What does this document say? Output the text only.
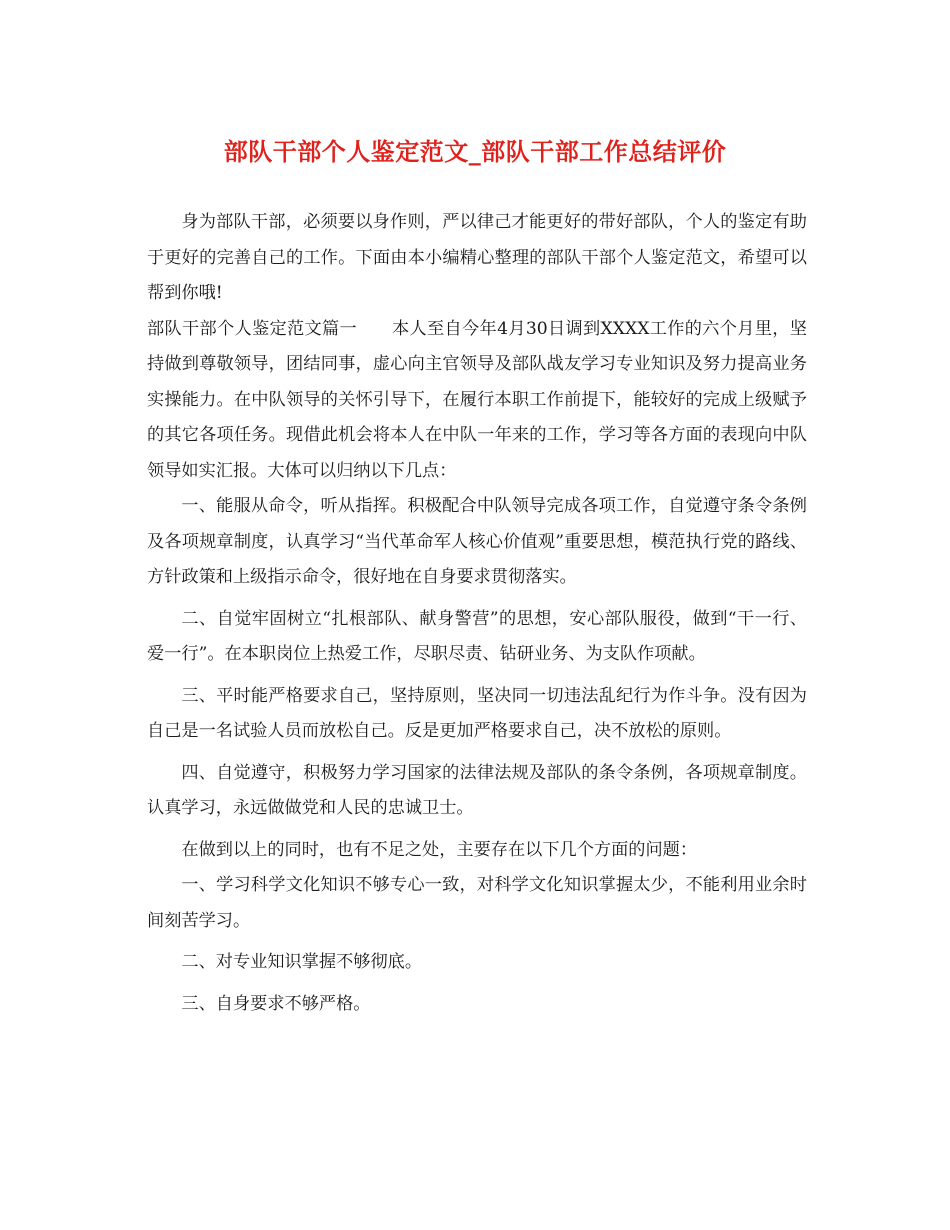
部队干部个人鉴定范文_部队干部工作总结评价

身为部队干部，必须要以身作则，严以律己才能更好的带好部队，个人的鉴定有助于更好的完善自己的工作。下面由本小编精心整理的部队干部个人鉴定范文，希望可以帮到你哦!

部队干部个人鉴定范文篇一　　本人至自今年4月30日调到XXXX工作的六个月里，坚持做到尊敬领导，团结同事，虚心向主官领导及部队战友学习专业知识及努力提高业务实操能力。在中队领导的关怀引导下，在履行本职工作前提下，能较好的完成上级赋予的其它各项任务。现借此机会将本人在中队一年来的工作，学习等各方面的表现向中队领导如实汇报。大体可以归纳以下几点：

一、能服从命令，听从指挥。积极配合中队领导完成各项工作，自觉遵守条令条例及各项规章制度，认真学习“当代革命军人核心价值观”重要思想，模范执行党的路线、方针政策和上级指示命令，很好地在自身要求贯彻落实。

二、自觉牢固树立“扎根部队、献身警营”的思想，安心部队服役，做到“干一行、爱一行”。在本职岗位上热爱工作，尽职尽责、钻研业务、为支队作项献。

三、平时能严格要求自己，坚持原则，坚决同一切违法乱纪行为作斗争。没有因为自己是一名试验人员而放松自己。反是更加严格要求自己，决不放松的原则。

四、自觉遵守，积极努力学习国家的法律法规及部队的条令条例，各项规章制度。认真学习，永远做做党和人民的忠诚卫士。

在做到以上的同时，也有不足之处，主要存在以下几个方面的问题：

一、学习科学文化知识不够专心一致，对科学文化知识掌握太少，不能利用业余时间刻苦学习。

二、对专业知识掌握不够彻底。

三、自身要求不够严格。
